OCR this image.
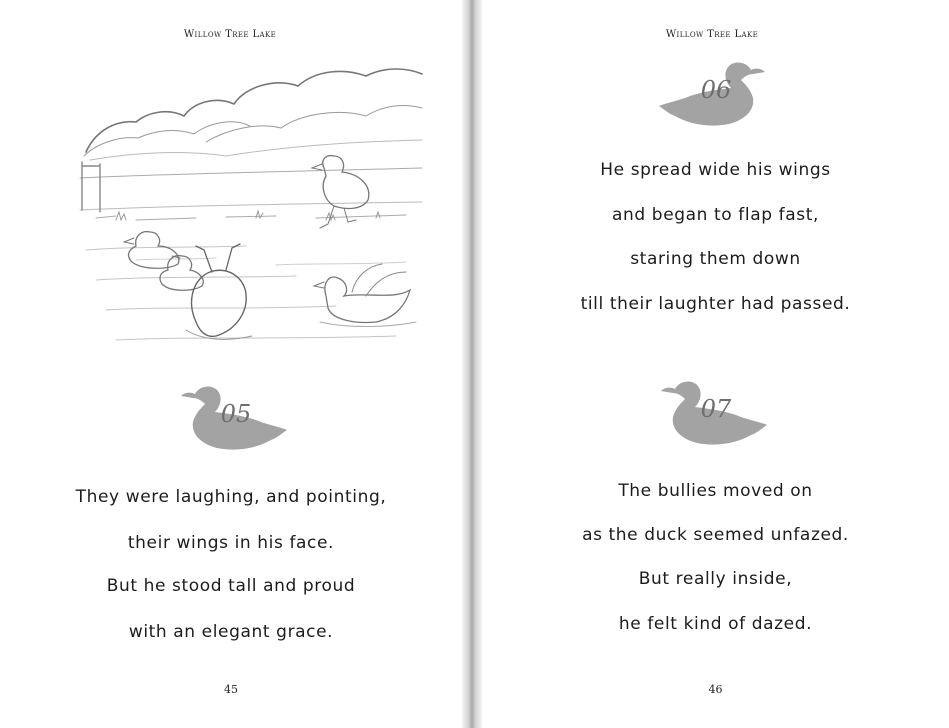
Willow Tree Lake
05
They were laughing, and pointing,
their wings in his face.
But he stood tall and proud
with an elegant grace.
45
Willow Tree Lake
06
He spread wide his wings
and began to flap fast,
staring them down
till their laughter had passed.
07
The bullies moved on
as the duck seemed unfazed.
But really inside,
he felt kind of dazed.
46
